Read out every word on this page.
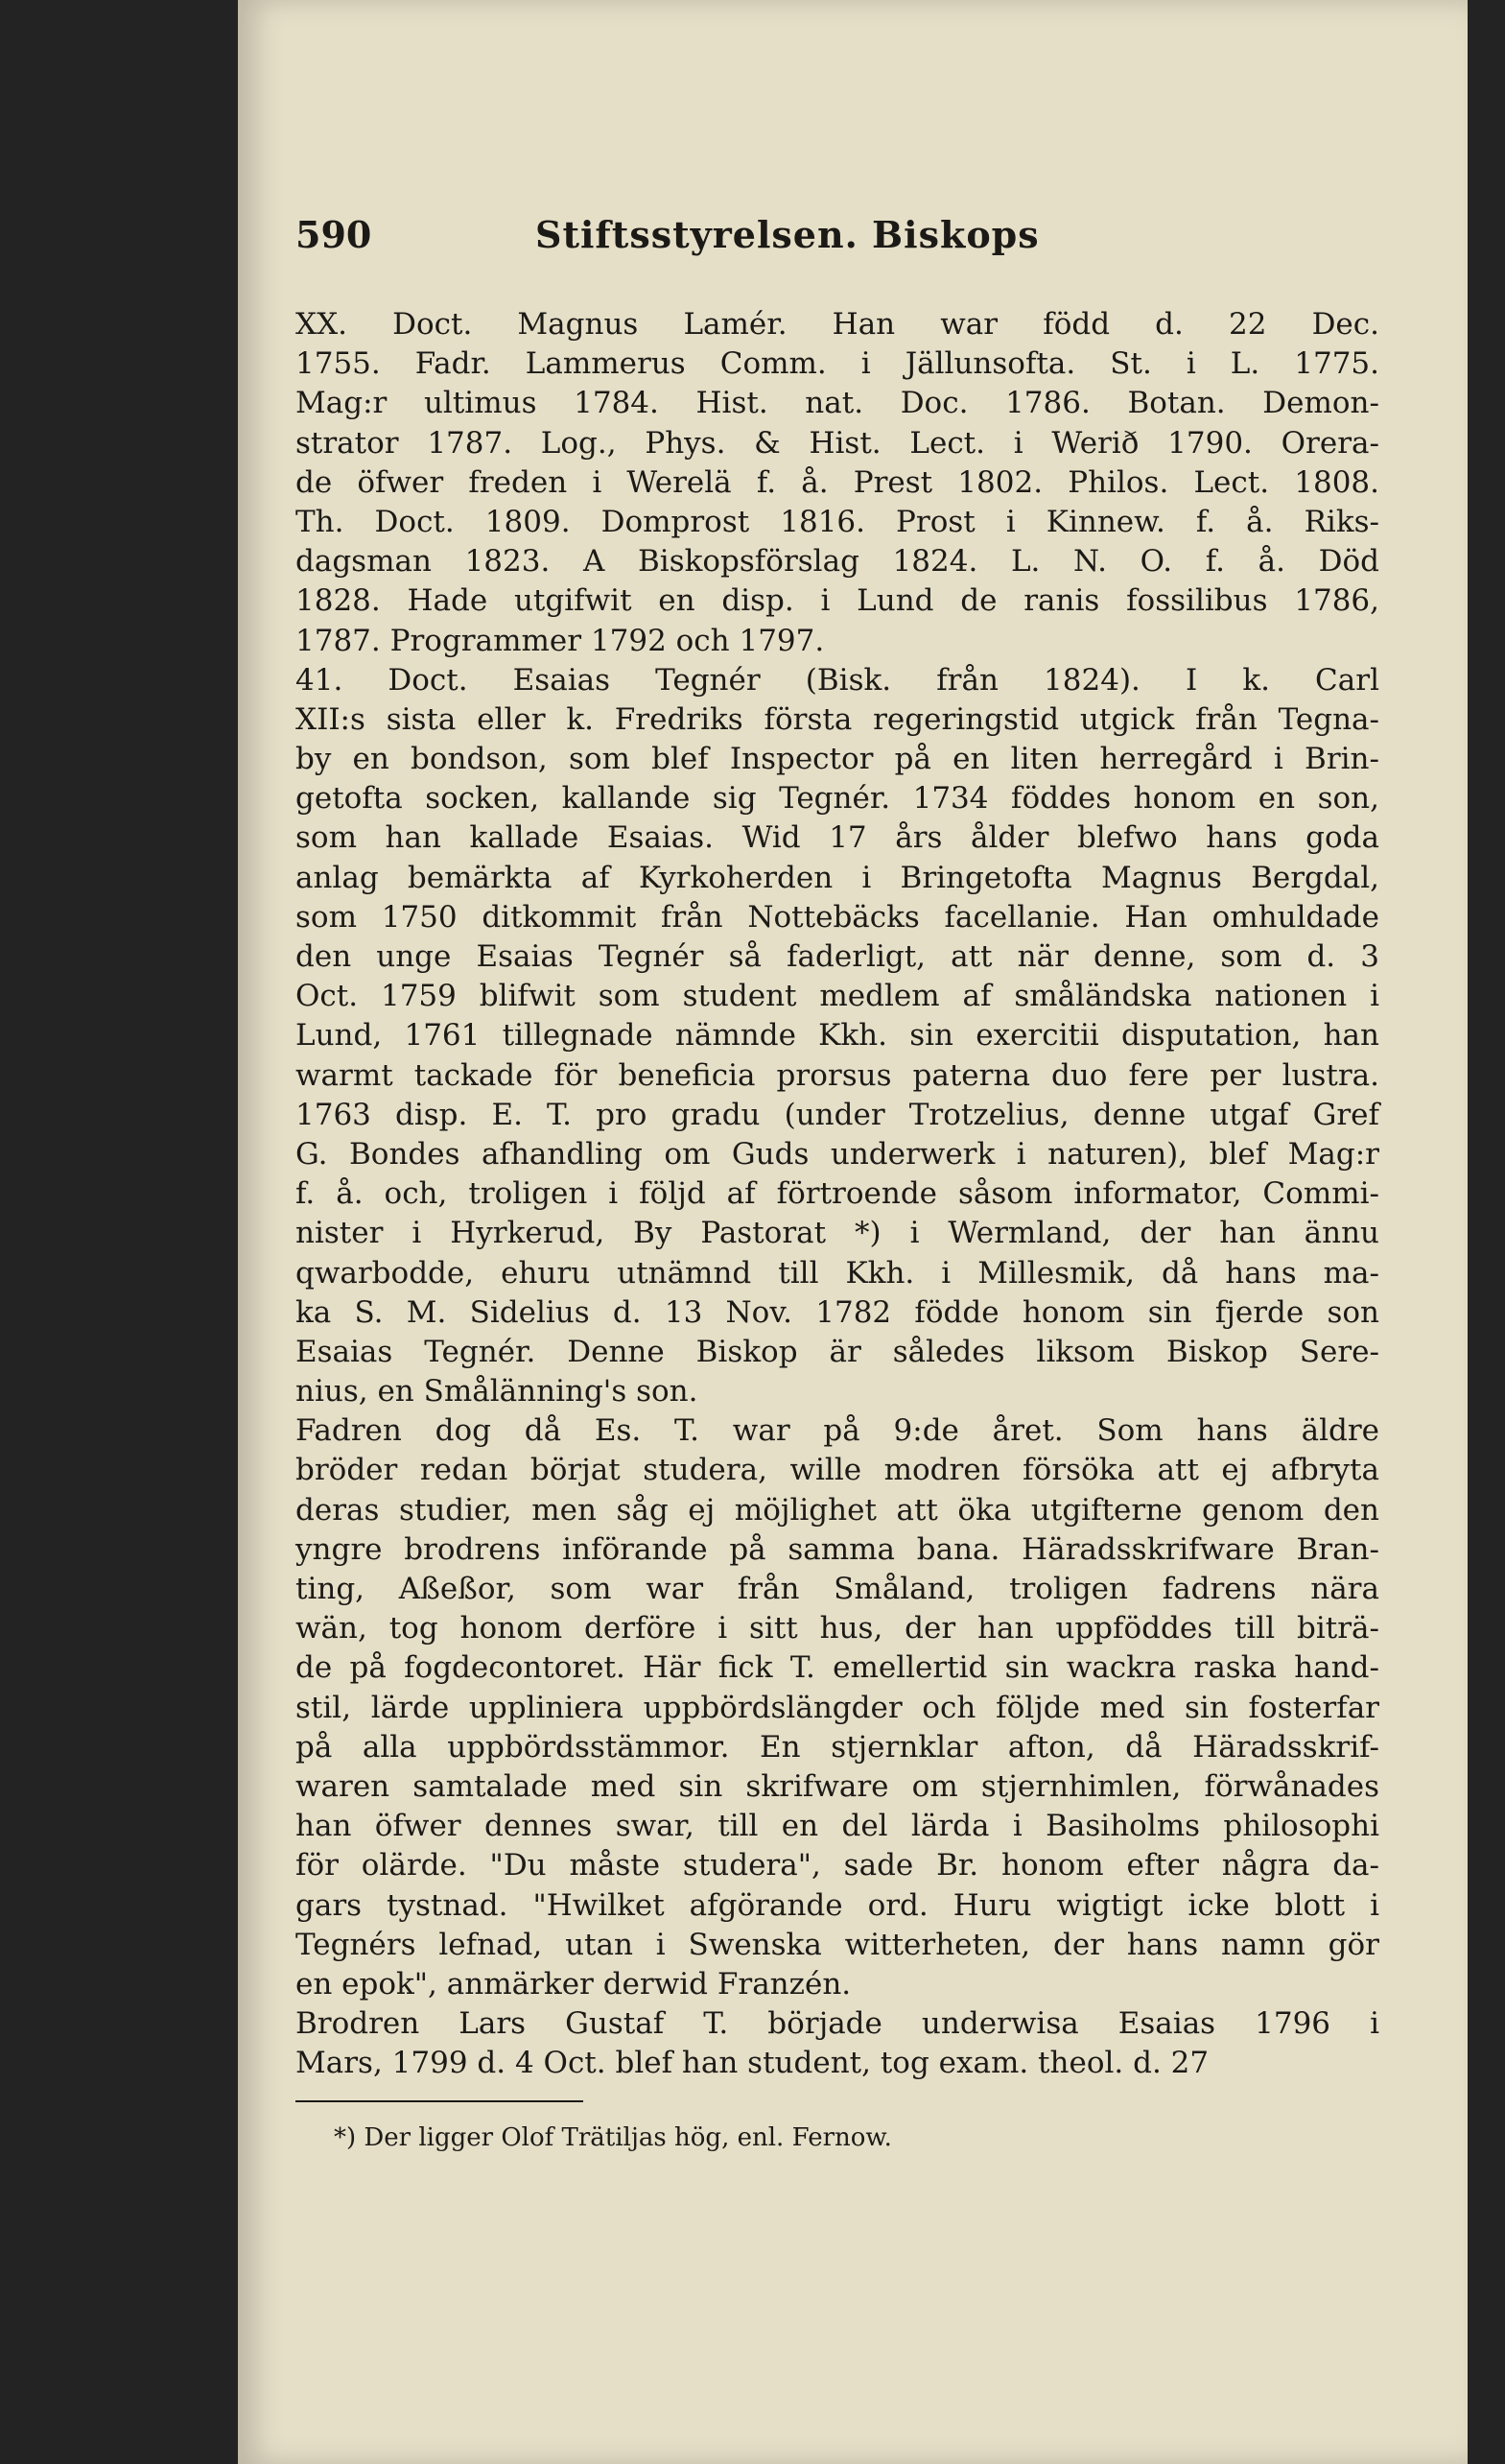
590	Stiftsstyrelsen. Biskops
XX. Doct. Magnus Lamér. Han war född d. 22 Dec.
1755. Fadr. Lammerus Comm. i Jällunsofta. St. i L. 1775.
Mag:r ultimus 1784. Hist. nat. Doc. 1786. Botan. Demon-
strator 1787. Log., Phys. & Hist. Lect. i Werið 1790. Orera-
de öfwer freden i Werelä f. å. Prest 1802. Philos. Lect. 1808.
Th. Doct. 1809. Domprost 1816. Prost i Kinnew. f. å. Riks-
dagsman 1823. A Biskopsförslag 1824. L. N. O. f. å. Död
1828. Hade utgifwit en disp. i Lund de ranis fossilibus 1786,
1787. Programmer 1792 och 1797.
41. Doct. Esaias Tegnér (Bisk. från 1824). I k. Carl
XII:s sista eller k. Fredriks första regeringstid utgick från Tegna-
by en bondson, som blef Inspector på en liten herregård i Brin-
getofta socken, kallande sig Tegnér. 1734 föddes honom en son,
som han kallade Esaias. Wid 17 års ålder blefwo hans goda
anlag bemärkta af Kyrkoherden i Bringetofta Magnus Bergdal,
som 1750 ditkommit från Nottebäcks facellanie. Han omhuldade
den unge Esaias Tegnér så faderligt, att när denne, som d. 3
Oct. 1759 blifwit som student medlem af småländska nationen i
Lund, 1761 tillegnade nämnde Kkh. sin exercitii disputation, han
warmt tackade för beneficia prorsus paterna duo fere per lustra.
1763 disp. E. T. pro gradu (under Trotzelius, denne utgaf Gref
G. Bondes afhandling om Guds underwerk i naturen), blef Mag:r
f. å. och, troligen i följd af förtroende såsom informator, Commi-
nister i Hyrkerud, By Pastorat *) i Wermland, der han ännu
qwarbodde, ehuru utnämnd till Kkh. i Millesmik, då hans ma-
ka S. M. Sidelius d. 13 Nov. 1782 födde honom sin fjerde son
Esaias Tegnér. Denne Biskop är således liksom Biskop Sere-
nius, en Smålänning's son.
Fadren dog då Es. T. war på 9:de året. Som hans äldre
bröder redan börjat studera, wille modren försöka att ej afbryta
deras studier, men såg ej möjlighet att öka utgifterne genom den
yngre brodrens införande på samma bana. Häradsskrifware Bran-
ting, Aßeßor, som war från Småland, troligen fadrens nära
wän, tog honom derföre i sitt hus, der han uppföddes till biträ-
de på fogdecontoret. Här fick T. emellertid sin wackra raska hand-
stil, lärde uppliniera uppbördslängder och följde med sin fosterfar
på alla uppbördsstämmor. En stjernklar afton, då Häradsskrif-
waren samtalade med sin skrifware om stjernhimlen, förwånades
han öfwer dennes swar, till en del lärda i Basiholms philosophi
för olärde. "Du måste studera", sade Br. honom efter några da-
gars tystnad. "Hwilket afgörande ord. Huru wigtigt icke blott i
Tegnérs lefnad, utan i Swenska witterheten, der hans namn gör
en epok", anmärker derwid Franzén.
Brodren Lars Gustaf T. började underwisa Esaias 1796 i
Mars, 1799 d. 4 Oct. blef han student, tog exam. theol. d. 27
*) Der ligger Olof Trätiljas hög, enl. Fernow.
